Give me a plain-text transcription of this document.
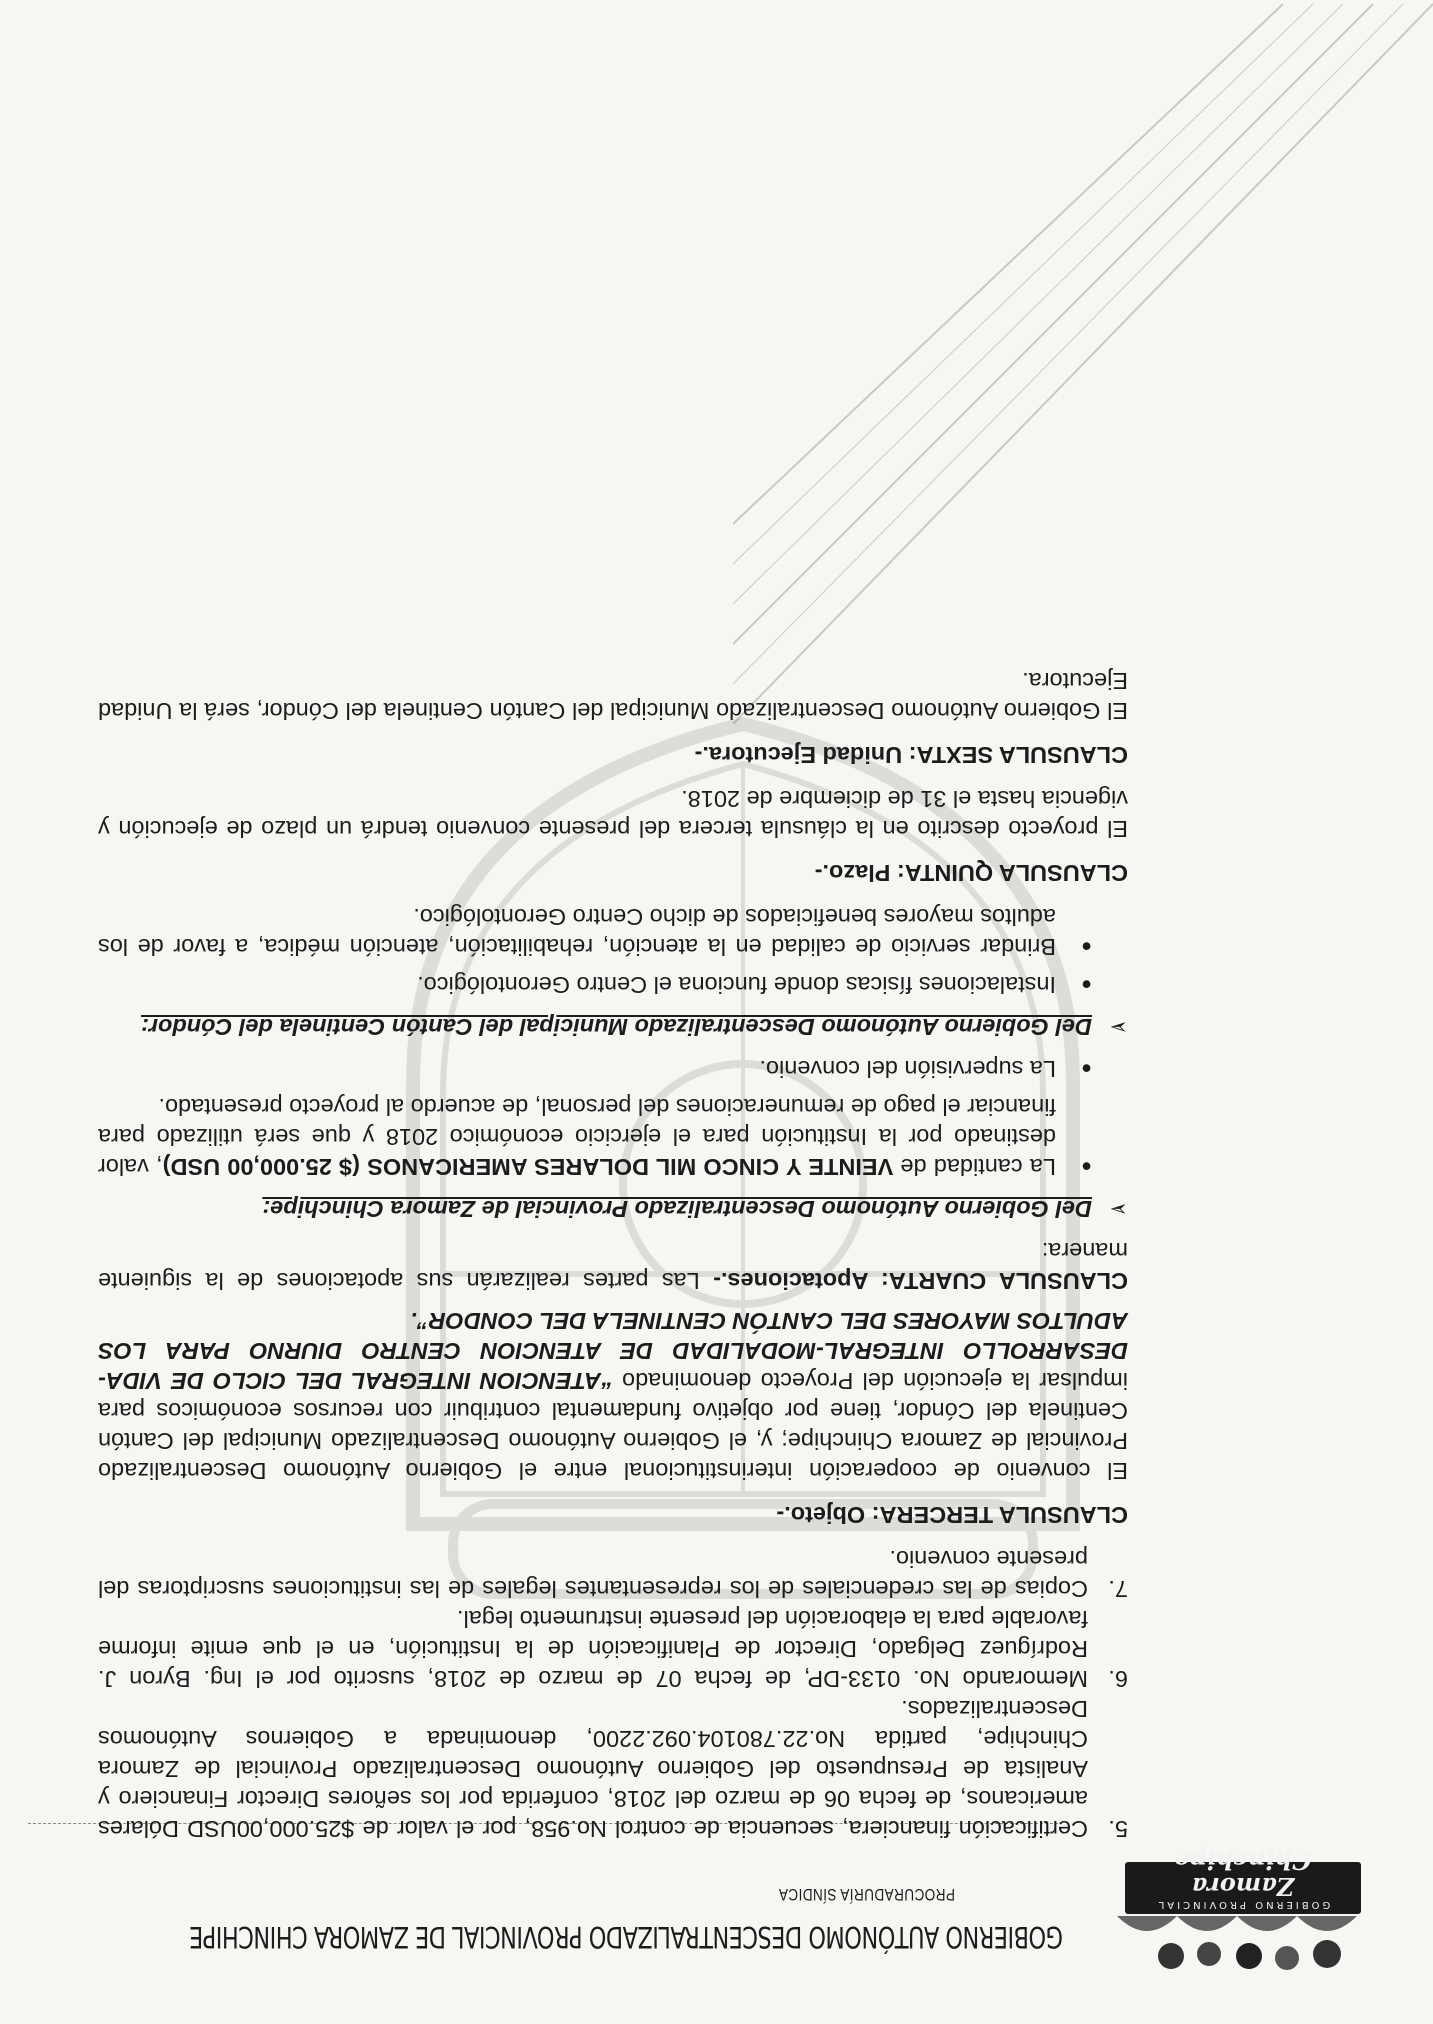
GOBIERNO PROVINCIAL
Zamora Chinchipe
GOBIERNO AUTÓNOMO DESCENTRALIZADO PROVINCIAL DE ZAMORA CHINCHIPE
PROCURADURÍA SÍNDICA
5.
Certificación financiera, secuencia de control No.958, por el valor de $25.000,00USD Dólares americanos, de fecha 06 de marzo del 2018, conferida por los señores Director Financiero y Analista de Presupuesto del Gobierno Autónomo Descentralizado Provincial de Zamora Chinchipe, partida No.22.780104.092.2200, denominada a Gobiernos Autónomos Descentralizados.
6.
Memorando No. 0133-DP, de fecha 07 de marzo de 2018, suscrito por el Ing. Byron J. Rodríguez Delgado, Director de Planificación de la Institución, en el que emite informe favorable para la elaboración del presente instrumento legal.
7.
Copias de las credenciales de los representantes legales de las instituciones suscriptoras del presente convenio.
CLAUSULA TERCERA: Objeto.-

El convenio de cooperación interinstitucional entre el Gobierno Autónomo Descentralizado Provincial de Zamora Chinchipe; y, el Gobierno Autónomo Descentralizado Municipal del Cantón Centinela del Cóndor, tiene por objetivo fundamental contribuir con recursos económicos para impulsar la ejecución del Proyecto denominado “ATENCION INTEGRAL DEL CICLO DE VIDA-DESARROLLO INTEGRAL-MODALIDAD DE ATENCION CENTRO DIURNO PARA LOS ADULTOS MAYORES DEL CANTÓN CENTINELA DEL CONDOR”.

CLAUSULA CUARTA: Apotaciones.- Las partes realizarán sus apotaciones de la siguiente manera:

➢
Del Gobierno Autónomo Descentralizado Provincial de Zamora Chinchipe:
●
La cantidad de VEINTE Y CINCO MIL DOLARES AMERICANOS ($ 25.000,00 USD), valor destinado por la Institución para el ejercicio económico 2018 y que será utilizado para financiar el pago de remuneraciones del personal, de acuerdo al proyecto presentado.
●
La supervisión del convenio.
➢
Del Gobierno Autónomo Descentralizado Municipal del Cantón Centinela del Cóndor:
●
Instalaciones físicas donde funciona el Centro Gerontológico.
●
Brindar servicio de calidad en la atención, rehabilitación, atención médica, a favor de los adultos mayores beneficiados de dicho Centro Gerontológico.
CLAUSULA QUINTA: Plazo.-

El proyecto descrito en la cláusula tercera del presente convenio tendrá un plazo de ejecución y vigencia hasta el 31 de diciembre de 2018.

CLAUSULA SEXTA: Unidad Ejecutora.-

El Gobierno Autónomo Descentralizado Municipal del Cantón Centinela del Cóndor, será la Unidad Ejecutora.
